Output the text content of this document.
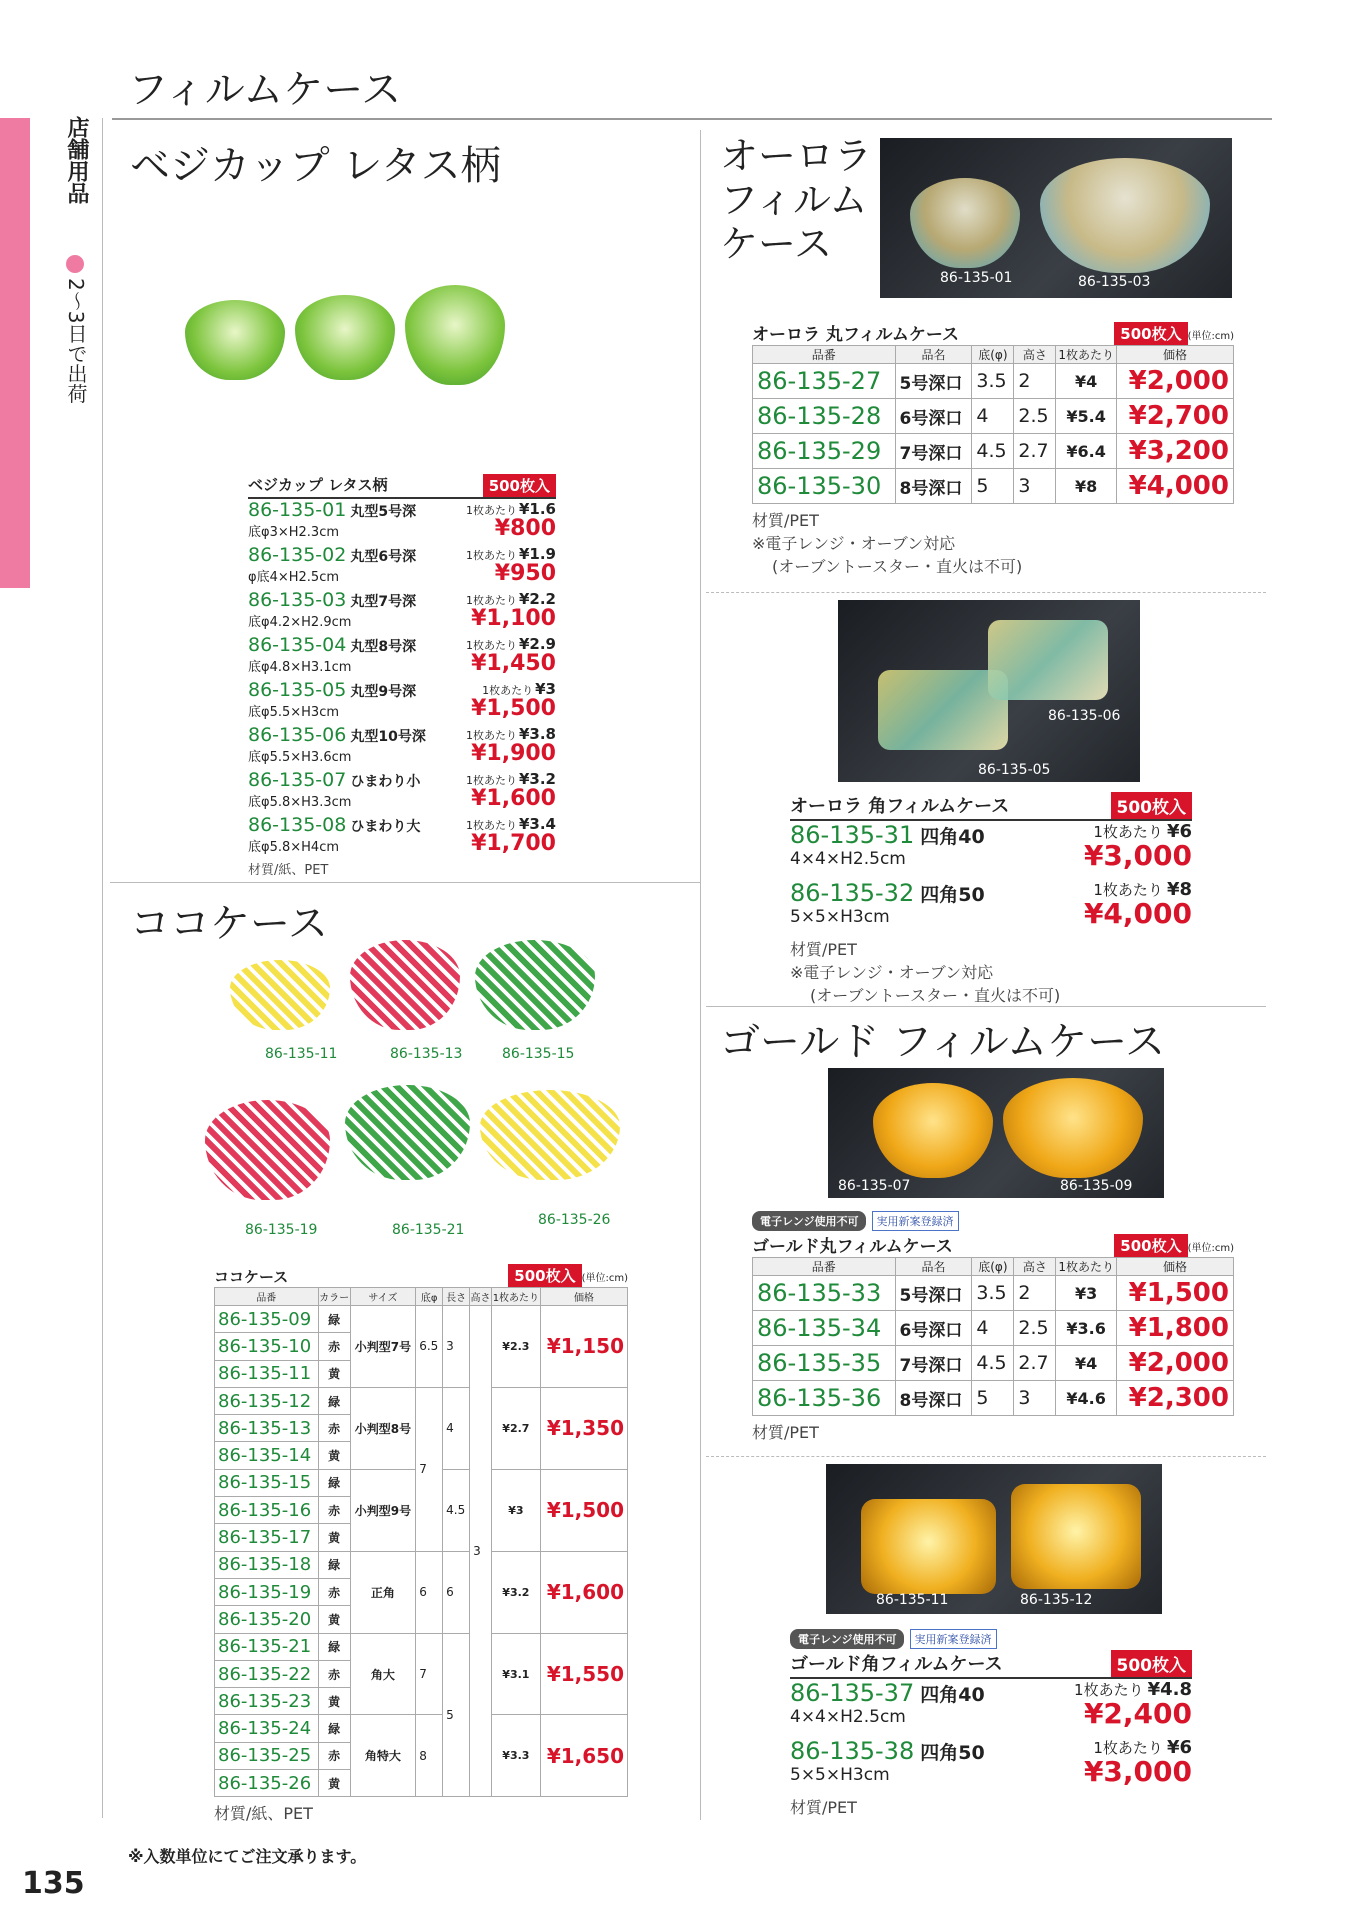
フィルムケース
店舗用品
2〜3日で出荷
ベジカップ レタス柄
ベジカップ レタス柄	500枚入
86-135-01 丸型5号深
底φ3×H2.3cm
1枚あたり ¥1.6
¥800
86-135-02 丸型6号深
φ底4×H2.5cm
1枚あたり ¥1.9
¥950
86-135-03 丸型7号深
底φ4.2×H2.9cm
1枚あたり ¥2.2
¥1,100
86-135-04 丸型8号深
底φ4.8×H3.1cm
1枚あたり ¥2.9
¥1,450
86-135-05 丸型9号深
底φ5.5×H3cm
1枚あたり ¥3
¥1,500
86-135-06 丸型10号深
底φ5.5×H3.6cm
1枚あたり ¥3.8
¥1,900
86-135-07 ひまわり小
底φ5.8×H3.3cm
1枚あたり ¥3.2
¥1,600
86-135-08 ひまわり大
底φ5.8×H4cm
1枚あたり ¥3.4
¥1,700
材質/紙、PET
ココケース
86-135-11	86-135-13	86-135-15
86-135-19	86-135-21
86-135-26
ココケース	500枚入 (単位:cm)
品番	カラー	サイズ	底φ	長さ	高さ	1枚あたり	価格
86-135-09	緑	小判型7号	6.5	3	3	¥2.3	¥1,150
86-135-10	赤						
86-135-11	黄						
86-135-12	緑	小判型8号	7	4		¥2.7	¥1,350
86-135-13	赤						
86-135-14	黄						
86-135-15	緑	小判型9号		4.5		¥3	¥1,500
86-135-16	赤						
86-135-17	黄						
86-135-18	緑	正角	6	6		¥3.2	¥1,600
86-135-19	赤						
86-135-20	黄						
86-135-21	緑	角大	7	5		¥3.1	¥1,550
86-135-22	赤						
86-135-23	黄						
86-135-24	緑	角特大	8			¥3.3	¥1,650
86-135-25	赤						
86-135-26	黄						
材質/紙、PET
オーロラ
フィルム
ケース
86-135-01	86-135-03
オーロラ 丸フィルムケース	500枚入 (単位:cm)
品番	品名	底(φ)	高さ	1枚あたり	価格
86-135-27	5号深口	3.5	2	¥4	¥2,000
86-135-28	6号深口	4	2.5	¥5.4	¥2,700
86-135-29	7号深口	4.5	2.7	¥6.4	¥3,200
86-135-30	8号深口	5	3	¥8	¥4,000
材質/PET
※電子レンジ・オーブン対応
(オーブントースター・直火は不可)
86-135-06
86-135-05
オーロラ 角フィルムケース	500枚入
86-135-31 四角40
4×4×H2.5cm
1枚あたり ¥6
¥3,000
86-135-32 四角50
5×5×H3cm
1枚あたり ¥8
¥4,000
材質/PET
※電子レンジ・オーブン対応
(オーブントースター・直火は不可)
ゴールド フィルムケース
86-135-07	86-135-09
電子レンジ使用不可 実用新案登録済
ゴールド丸フィルムケース	500枚入 (単位:cm)
品番	品名	底(φ)	高さ	1枚あたり	価格
86-135-33	5号深口	3.5	2	¥3	¥1,500
86-135-34	6号深口	4	2.5	¥3.6	¥1,800
86-135-35	7号深口	4.5	2.7	¥4	¥2,000
86-135-36	8号深口	5	3	¥4.6	¥2,300
材質/PET
86-135-11	86-135-12
電子レンジ使用不可 実用新案登録済
ゴールド角フィルムケース	500枚入
86-135-37 四角40
4×4×H2.5cm
1枚あたり ¥4.8
¥2,400
86-135-38 四角50
5×5×H3cm
1枚あたり ¥6
¥3,000
材質/PET
※入数単位にてご注文承ります。
135
